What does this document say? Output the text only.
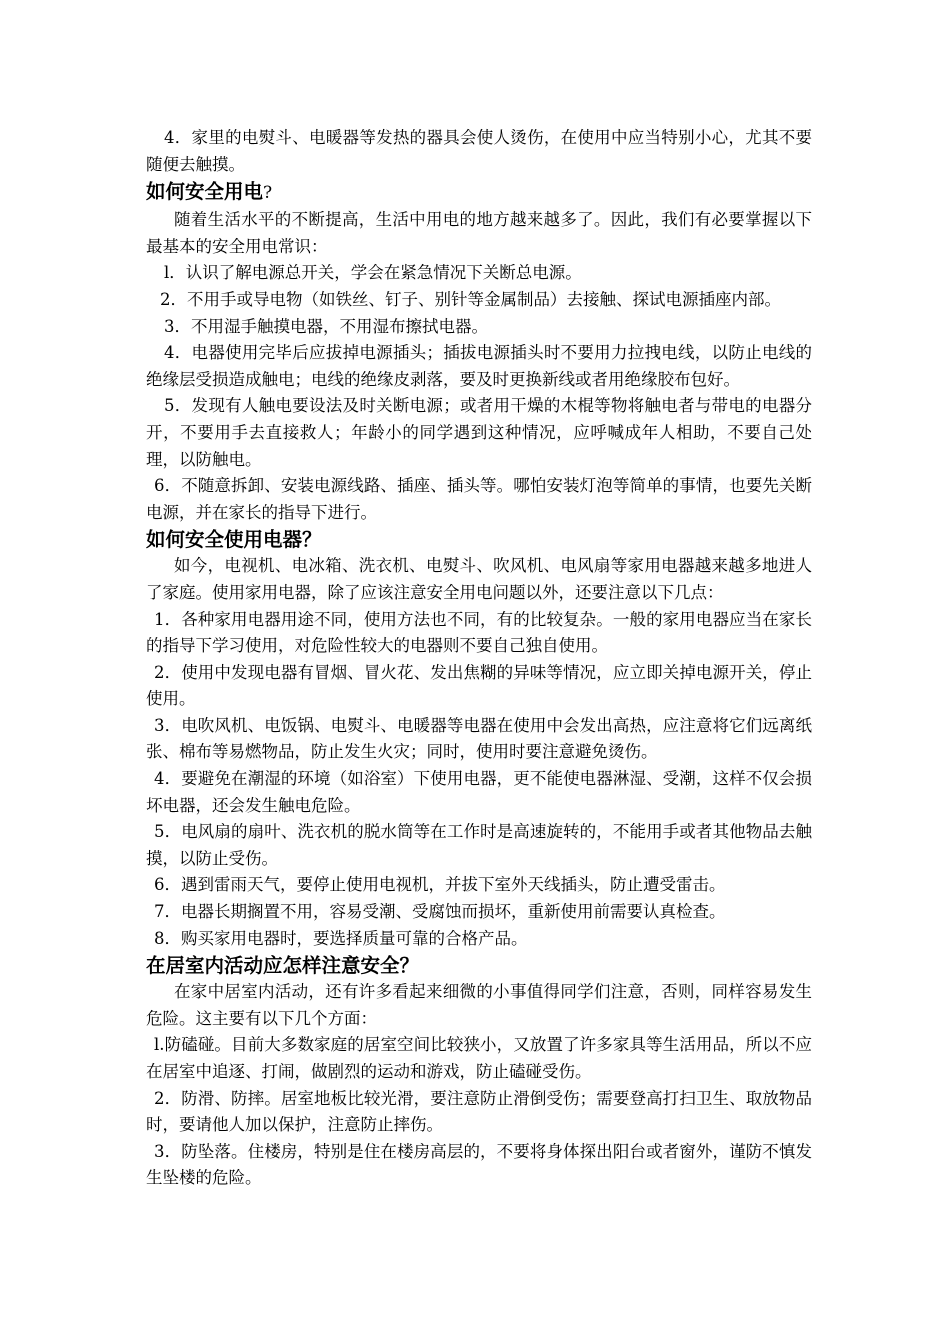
4．家里的电熨斗、电暖器等发热的器具会使人烫伤，在使用中应当特别小心，尤其不要随便去触摸。

如何安全用电?

随着生活水平的不断提高，生活中用电的地方越来越多了。因此，我们有必要掌握以下最基本的安全用电常识：

l．认识了解电源总开关，学会在紧急情况下关断总电源。

2．不用手或导电物（如铁丝、钉子、别针等金属制品）去接触、探试电源插座内部。

3．不用湿手触摸电器，不用湿布擦拭电器。

4．电器使用完毕后应拔掉电源插头；插拔电源插头时不要用力拉拽电线，以防止电线的绝缘层受损造成触电；电线的绝缘皮剥落，要及时更换新线或者用绝缘胶布包好。

5．发现有人触电要设法及时关断电源；或者用干燥的木棍等物将触电者与带电的电器分开，不要用手去直接救人；年龄小的同学遇到这种情况，应呼喊成年人相助，不要自己处理，以防触电。

6．不随意拆卸、安装电源线路、插座、插头等。哪怕安装灯泡等简单的事情，也要先关断电源，并在家长的指导下进行。

如何安全使用电器？

如今，电视机、电冰箱、洗衣机、电熨斗、吹风机、电风扇等家用电器越来越多地进人了家庭。使用家用电器，除了应该注意安全用电问题以外，还要注意以下几点：

1．各种家用电器用途不同，使用方法也不同，有的比较复杂。一般的家用电器应当在家长的指导下学习使用，对危险性较大的电器则不要自己独自使用。

2．使用中发现电器有冒烟、冒火花、发出焦糊的异味等情况，应立即关掉电源开关，停止使用。

3．电吹风机、电饭锅、电熨斗、电暖器等电器在使用中会发出高热，应注意将它们远离纸张、棉布等易燃物品，防止发生火灾；同时，使用时要注意避免烫伤。

4．要避免在潮湿的环境（如浴室）下使用电器，更不能使电器淋湿、受潮，这样不仅会损坏电器，还会发生触电危险。

5．电风扇的扇叶、洗衣机的脱水筒等在工作时是高速旋转的，不能用手或者其他物品去触摸，以防止受伤。

6．遇到雷雨天气，要停止使用电视机，并拔下室外天线插头，防止遭受雷击。

7．电器长期搁置不用，容易受潮、受腐蚀而损坏，重新使用前需要认真检查。

8．购买家用电器时，要选择质量可靠的合格产品。

在居室内活动应怎样注意安全？

在家中居室内活动，还有许多看起来细微的小事值得同学们注意，否则，同样容易发生危险。这主要有以下几个方面：

l.防磕碰。目前大多数家庭的居室空间比较狭小，又放置了许多家具等生活用品，所以不应在居室中追逐、打闹，做剧烈的运动和游戏，防止磕碰受伤。

2．防滑、防摔。居室地板比较光滑，要注意防止滑倒受伤；需要登高打扫卫生、取放物品时，要请他人加以保护，注意防止摔伤。

3．防坠落。住楼房，特别是住在楼房高层的，不要将身体探出阳台或者窗外，谨防不慎发生坠楼的危险。
